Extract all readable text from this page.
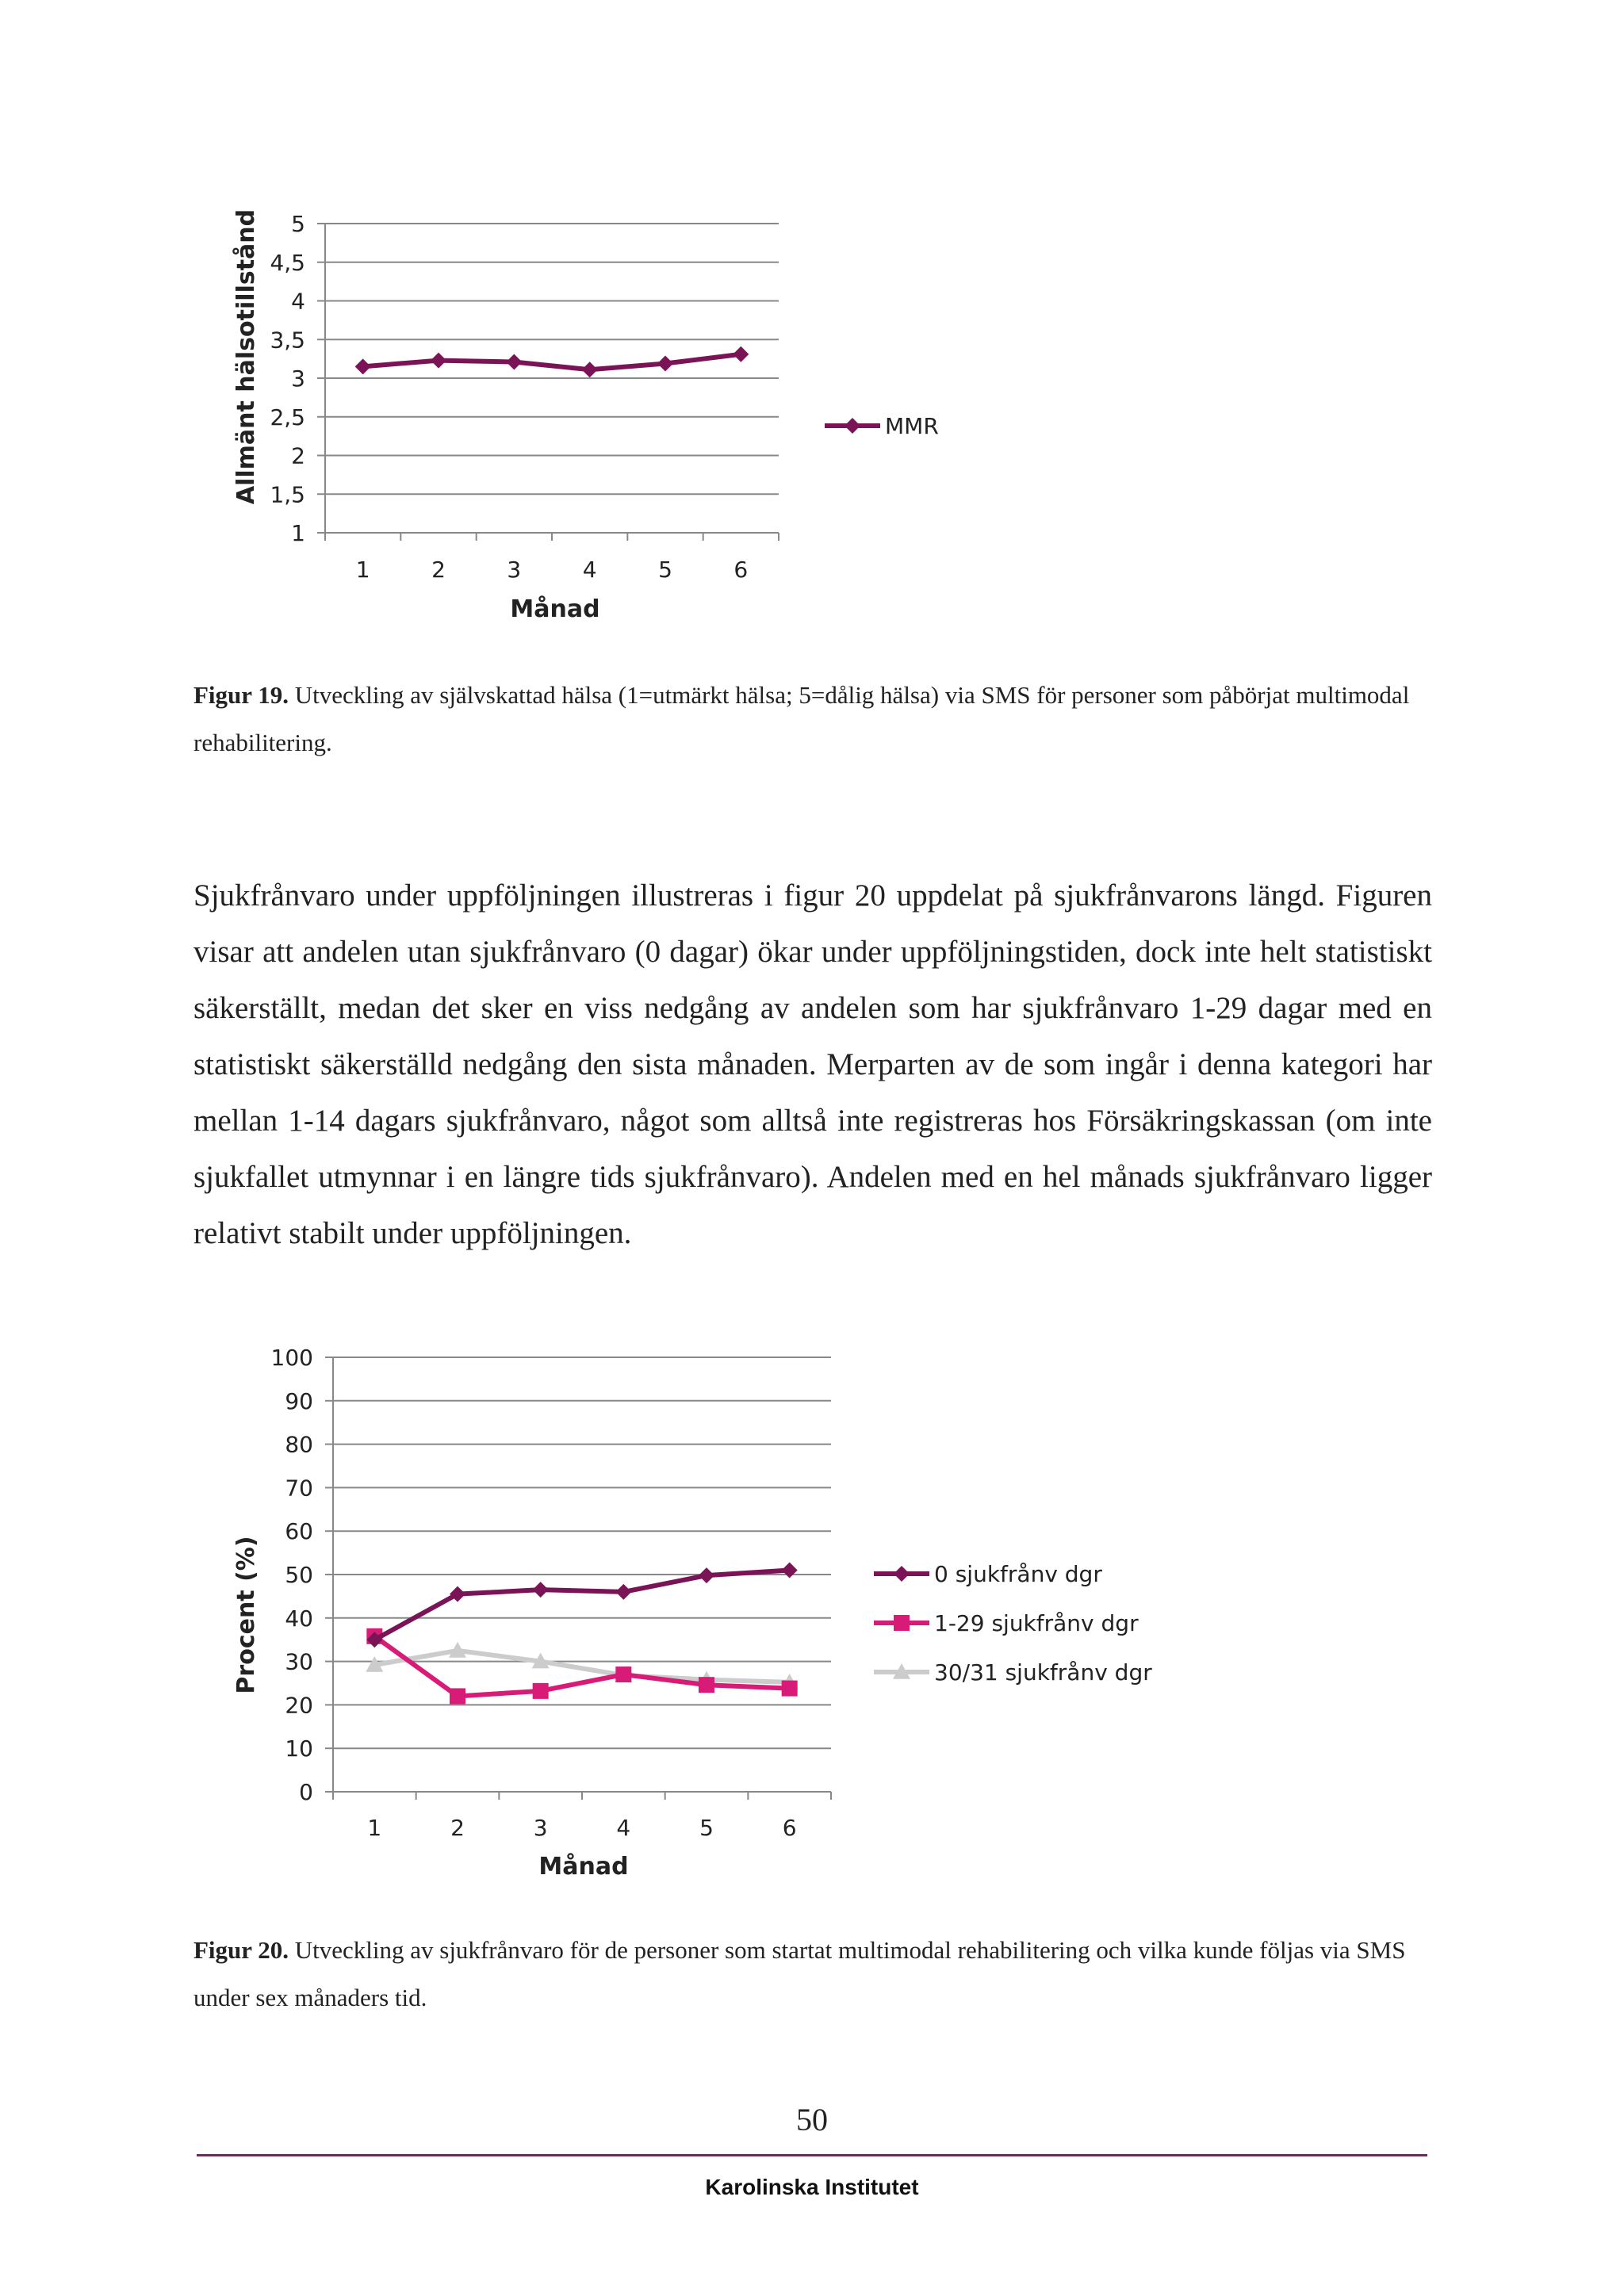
1
1,5
2
2,5
3
3,5
4
4,5
5
1	2	3	4	5	6
MMR
Månad
Allmänt hälsotillstånd
Figur 19. Utveckling av självskattad hälsa (1=utmärkt hälsa; 5=dålig hälsa) via SMS för personer som påbörjat multimodal rehabilitering.
Sjukfrånvaro under uppföljningen illustreras i figur 20 uppdelat på sjukfrånvarons längd. Figuren visar att andelen utan sjukfrånvaro (0 dagar) ökar under uppföljningstiden, dock inte helt statistiskt säkerställt, medan det sker en viss nedgång av andelen som har sjukfrånvaro 1-29 dagar med en statistiskt säkerställd nedgång den sista månaden. Merparten av de som ingår i denna kategori har mellan 1-14 dagars sjukfrånvaro, något som alltså inte registreras hos Försäkringskassan (om inte sjukfallet utmynnar i en längre tids sjukfrånvaro). Andelen med en hel månads sjukfrånvaro ligger relativt stabilt under uppföljningen.
0
10
20
30
40
50
60
70
80
90
100
1	2	3	4	5	6
0 sjukfrånv dgr
1-29 sjukfrånv dgr
30/31 sjukfrånv dgr
Månad
Procent (%)
Figur 20. Utveckling av sjukfrånvaro för de personer som startat multimodal rehabilitering och vilka kunde följas via SMS under sex månaders tid.
50
Karolinska Institutet
